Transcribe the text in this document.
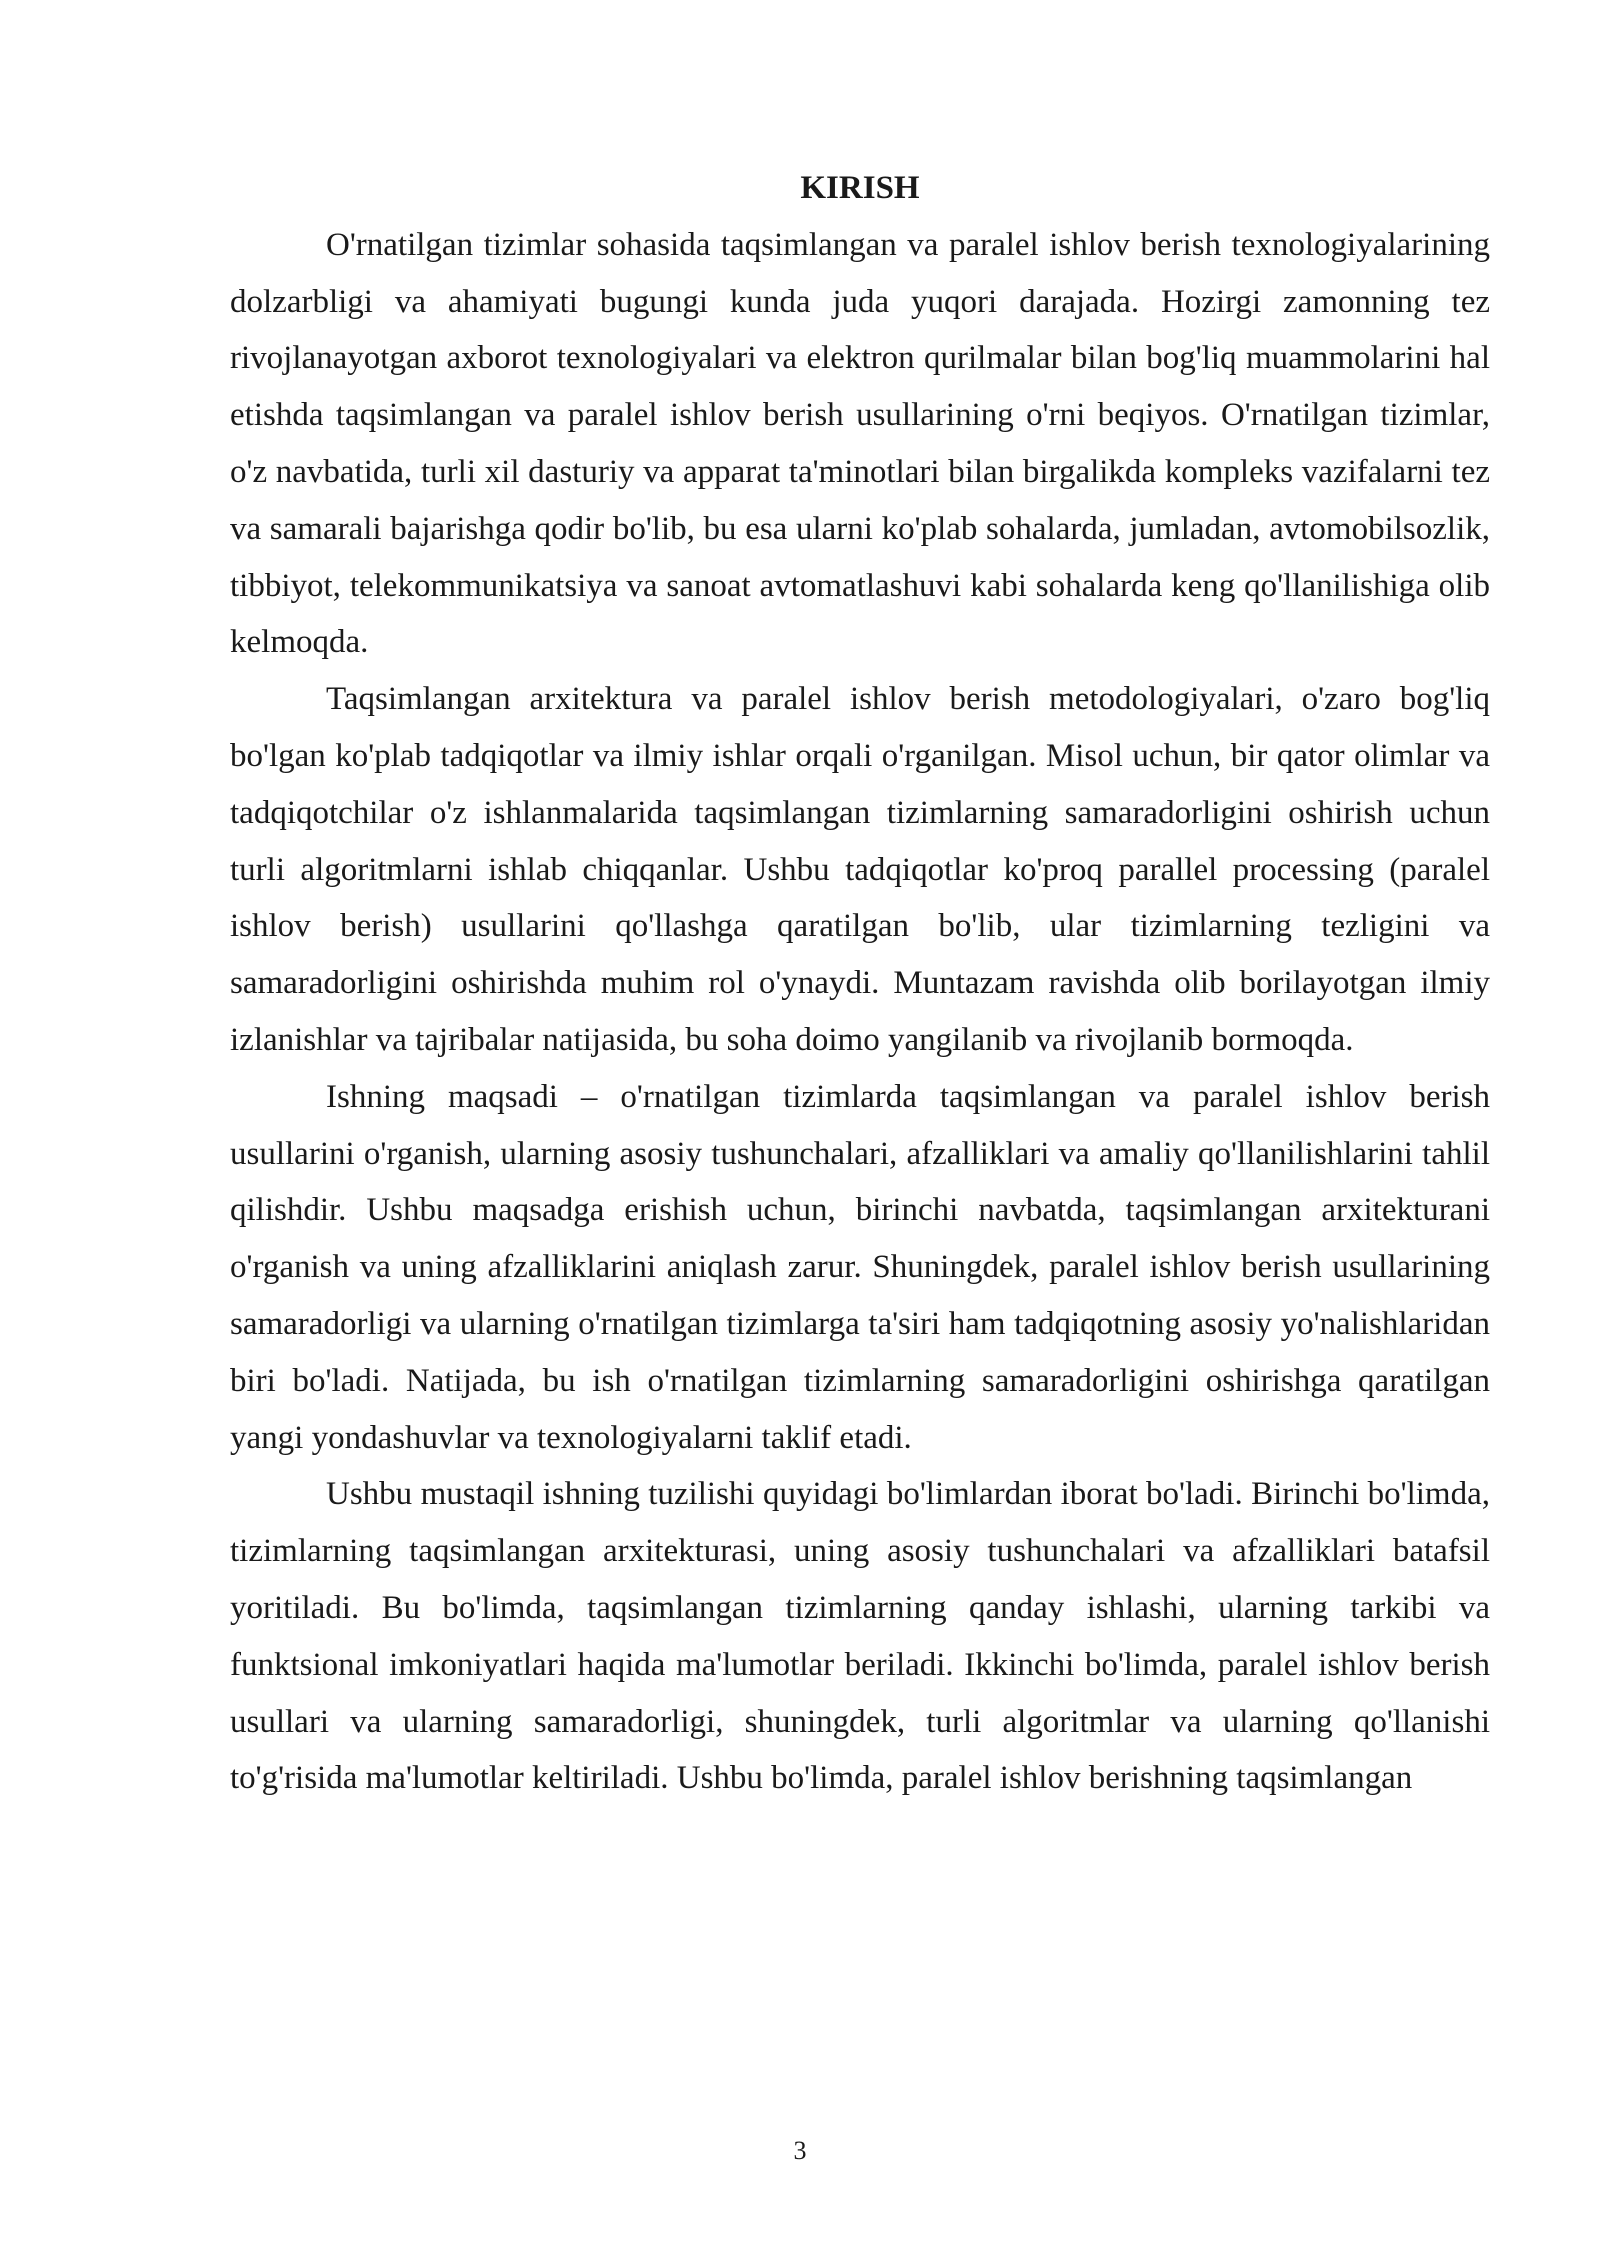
KIRISH

O'rnatilgan tizimlar sohasida taqsimlangan va paralel ishlov berish texnologiyalarining dolzarbligi va ahamiyati bugungi kunda juda yuqori darajada. Hozirgi zamonning tez rivojlanayotgan axborot texnologiyalari va elektron qurilmalar bilan bog'liq muammolarini hal etishda taqsimlangan va paralel ishlov berish usullarining o'rni beqiyos. O'rnatilgan tizimlar, o'z navbatida, turli xil dasturiy va apparat ta'minotlari bilan birgalikda kompleks vazifalarni tez va samarali bajarishga qodir bo'lib, bu esa ularni ko'plab sohalarda, jumladan, avtomobilsozlik, tibbiyot, telekommunikatsiya va sanoat avtomatlashuvi kabi sohalarda keng qo'llanilishiga olib kelmoqda.

Taqsimlangan arxitektura va paralel ishlov berish metodologiyalari, o'zaro bog'liq bo'lgan ko'plab tadqiqotlar va ilmiy ishlar orqali o'rganilgan. Misol uchun, bir qator olimlar va tadqiqotchilar o'z ishlanmalarida taqsimlangan tizimlarning samaradorligini oshirish uchun turli algoritmlarni ishlab chiqqanlar. Ushbu tadqiqotlar ko'proq parallel processing (paralel ishlov berish) usullarini qo'llashga qaratilgan bo'lib, ular tizimlarning tezligini va samaradorligini oshirishda muhim rol o'ynaydi. Muntazam ravishda olib borilayotgan ilmiy izlanishlar va tajribalar natijasida, bu soha doimo yangilanib va rivojlanib bormoqda.

Ishning maqsadi – o'rnatilgan tizimlarda taqsimlangan va paralel ishlov berish usullarini o'rganish, ularning asosiy tushunchalari, afzalliklari va amaliy qo'llanilishlarini tahlil qilishdir. Ushbu maqsadga erishish uchun, birinchi navbatda, taqsimlangan arxitekturani o'rganish va uning afzalliklarini aniqlash zarur. Shuningdek, paralel ishlov berish usullarining samaradorligi va ularning o'rnatilgan tizimlarga ta'siri ham tadqiqotning asosiy yo'nalishlaridan biri bo'ladi. Natijada, bu ish o'rnatilgan tizimlarning samaradorligini oshirishga qaratilgan yangi yondashuvlar va texnologiyalarni taklif etadi.

Ushbu mustaqil ishning tuzilishi quyidagi bo'limlardan iborat bo'ladi. Birinchi bo'limda, tizimlarning taqsimlangan arxitekturasi, uning asosiy tushunchalari va afzalliklari batafsil yoritiladi. Bu bo'limda, taqsimlangan tizimlarning qanday ishlashi, ularning tarkibi va funktsional imkoniyatlari haqida ma'lumotlar beriladi. Ikkinchi bo'limda, paralel ishlov berish usullari va ularning samaradorligi, shuningdek, turli algoritmlar va ularning qo'llanishi to'g'risida ma'lumotlar keltiriladi. Ushbu bo'limda, paralel ishlov berishning taqsimlangan

3
